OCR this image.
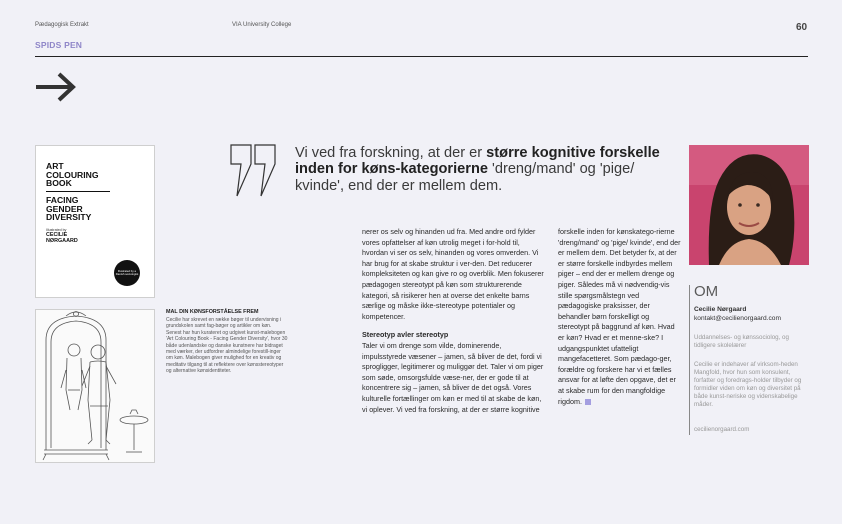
Pædagogisk Extrakt	VIA University College	60
SPIDS PEN
ART
COLOURING
BOOK
FACING
GENDER
DIVERSITY
Illustrated by
CECILIE
NØRGAARD
Illustrated by a Danish sociologist
MAL DIN KØNSFORSTÅELSE FREM
Cecilie har skrevet en række bøger til undervisning i grundskolen samt fag-bøger og artikler om køn. Senest har hun kurateret og udgivet kunst-malebogen 'Art Colouring Book - Facing Gender Diversity', hvor 30 både udenlandske og danske kunstnere har bidraget med værker, der udfordrer almindelige forestill-inger om køn. Malebogen giver mulighed for en kreativ og meditativ tilgang til at reflektere over kønsstereotyper og alternative kønsidentiteter.
Vi ved fra forskning, at der er større kognitive forskelle inden for køns-kategorierne 'dreng/mand' og 'pige/ kvinde', end der er mellem dem.

nerer os selv og hinanden ud fra. Med andre ord fylder vores opfattelser af køn utrolig meget i for-hold til, hvordan vi ser os selv, hinanden og vores omverden. Vi har brug for at skabe struktur i ver-den. Det reducerer kompleksiteten og kan give ro og overblik. Men fokuserer pædagogen stereotypt på køn som strukturerende kategori, så risikerer hen at overse det enkelte barns særlige og måske ikke-stereotype potentialer og kompetencer.

Stereotyp avler stereotyp

Taler vi om drenge som vilde, dominerende, impulsstyrede væsener – jamen, så bliver de det, fordi vi sprogligger, legitimerer og muliggør det. Taler vi om piger som søde, omsorgsfulde væse-ner, der er gode til at koncentrere sig – jamen, så bliver de det også. Vores kulturelle fortællinger om køn er med til at skabe de køn, vi oplever. Vi ved fra forskning, at der er større kognitive

forskelle inden for kønskatego-rierne 'dreng/mand' og 'pige/ kvinde', end der er mellem dem. Det betyder fx, at der er større forskelle indbyrdes mellem piger – end der er mellem drenge og piger. Således må vi nødvendig-vis stille spørgsmålstegn ved pædagogiske praksisser, der behandler børn forskelligt og stereotypt på baggrund af køn. Hvad er køn? Hvad er et menne-ske? I udgangspunktet ufatteligt mangefacetteret. Som pædago-ger, forældre og forskere har vi et fælles ansvar for at løfte den opgave, det er at skabe rum for den mangfoldige rigdom.

OM
Cecilie Nørgaard
kontakt@cecilienorgaard.com
Uddannelses- og kønssociolog, og tidligere skolelærer
Cecilie er indehaver af virksom-heden Mangfold, hvor hun som konsulent, forfatter og foredrags-holder tilbyder og formidler viden om køn og diversitet på både kunst-neriske og videnskabelige måder.
cecilienorgaard.com
